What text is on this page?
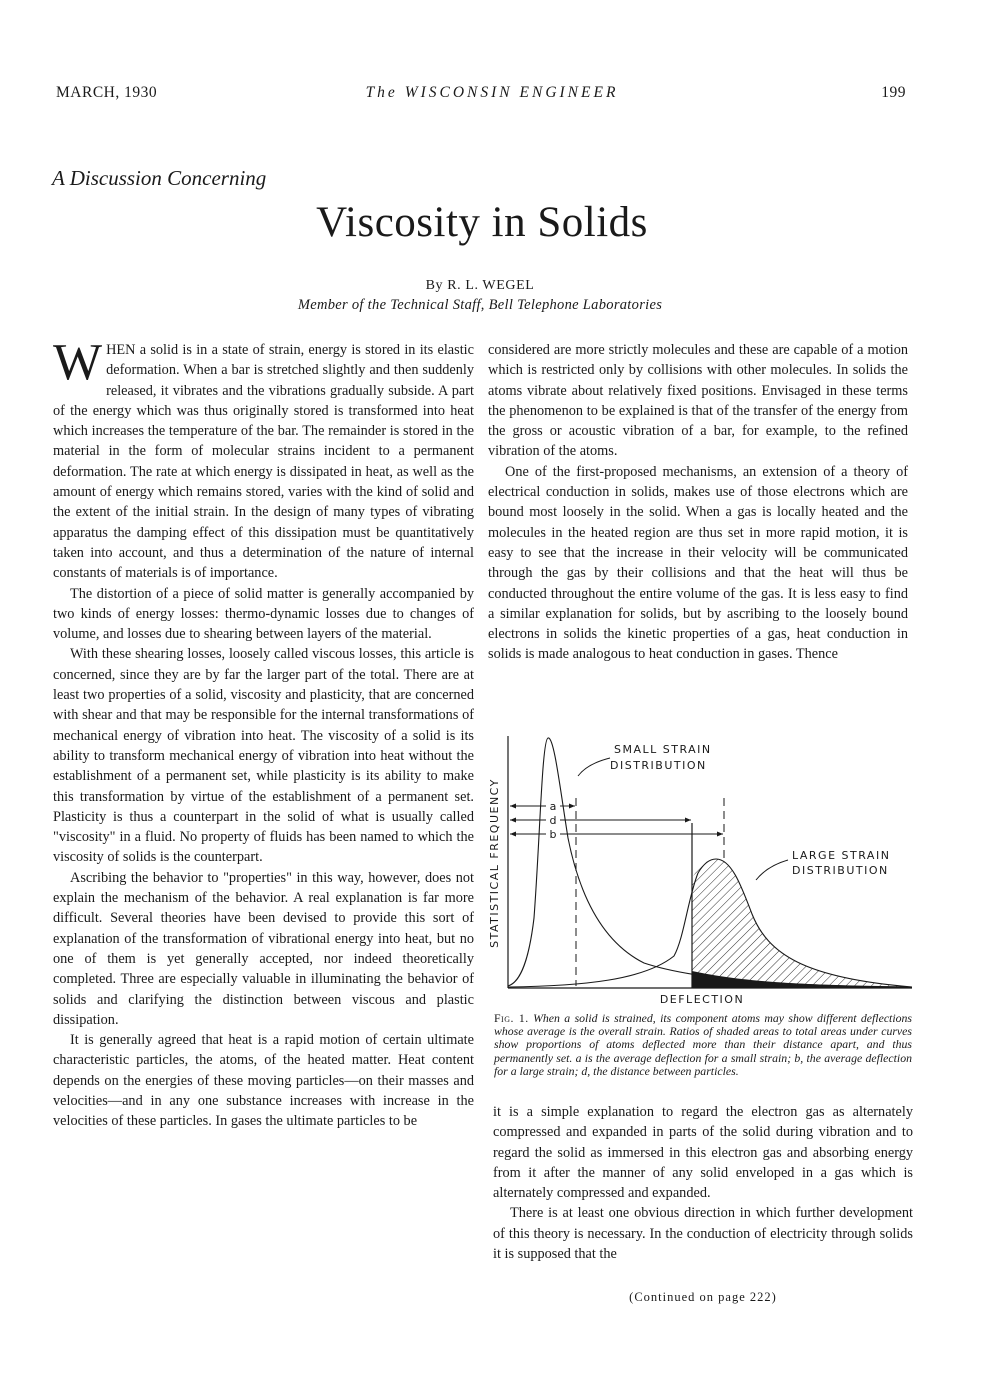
MARCH, 1930	The WISCONSIN ENGINEER	199
A Discussion Concerning
Viscosity in Solids
By R. L. WEGEL
Member of the Technical Staff, Bell Telephone Laboratories

WHEN a solid is in a state of strain, energy is stored in its elastic deformation. When a bar is stretched slightly and then suddenly released, it vibrates and the vibrations gradually subside. A part of the energy which was thus originally stored is transformed into heat which increases the temperature of the bar. The remainder is stored in the material in the form of molecular strains incident to a permanent deformation. The rate at which energy is dissipated in heat, as well as the amount of energy which remains stored, varies with the kind of solid and the extent of the initial strain. In the design of many types of vibrating apparatus the damping effect of this dissipation must be quantitatively taken into account, and thus a determination of the nature of internal constants of materials is of importance.

The distortion of a piece of solid matter is generally accompanied by two kinds of energy losses: thermo-dynamic losses due to changes of volume, and losses due to shearing between layers of the material.

With these shearing losses, loosely called viscous losses, this article is concerned, since they are by far the larger part of the total. There are at least two properties of a solid, viscosity and plasticity, that are concerned with shear and that may be responsible for the internal transformations of mechanical energy of vibration into heat. The viscosity of a solid is its ability to transform mechanical energy of vibration into heat without the establishment of a permanent set, while plasticity is its ability to make this transformation by virtue of the establishment of a permanent set. Plasticity is thus a counterpart in the solid of what is usually called "viscosity" in a fluid. No property of fluids has been named to which the viscosity of solids is the counterpart.

Ascribing the behavior to "properties" in this way, however, does not explain the mechanism of the behavior. A real explanation is far more difficult. Several theories have been devised to provide this sort of explanation of the transformation of vibrational energy into heat, but no one of them is yet generally accepted, nor indeed theoretically completed. Three are especially valuable in illuminating the behavior of solids and clarifying the distinction between viscous and plastic dissipation.

It is generally agreed that heat is a rapid motion of certain ultimate characteristic particles, the atoms, of the heated matter. Heat content depends on the energies of these moving particles—on their masses and velocities—and in any one substance increases with increase in the velocities of these particles. In gases the ultimate particles to be

considered are more strictly molecules and these are capable of a motion which is restricted only by collisions with other molecules. In solids the atoms vibrate about relatively fixed positions. Envisaged in these terms the phenomenon to be explained is that of the transfer of the energy from the gross or acoustic vibration of a bar, for example, to the refined vibration of the atoms.

One of the first-proposed mechanisms, an extension of a theory of electrical conduction in solids, makes use of those electrons which are bound most loosely in the solid. When a gas is locally heated and the molecules in the heated region are thus set in more rapid motion, it is easy to see that the increase in their velocity will be communicated through the gas by their collisions and that the heat will thus be conducted throughout the entire volume of the gas. It is less easy to find a similar explanation for solids, but by ascribing to the loosely bound electrons in solids the kinetic properties of a gas, heat conduction in solids is made analogous to heat conduction in gases. Thence

a
d
b
SMALL STRAIN
DISTRIBUTION
LARGE STRAIN
DISTRIBUTION
STATISTICAL FREQUENCY
DEFLECTION
Fig. 1. When a solid is strained, its component atoms may show different deflections whose average is the overall strain. Ratios of shaded areas to total areas under curves show proportions of atoms deflected more than their distance apart, and thus permanently set. a is the average deflection for a small strain; b, the average deflection for a large strain; d, the distance between particles.

it is a simple explanation to regard the electron gas as alternately compressed and expanded in parts of the solid during vibration and to regard the solid as immersed in this electron gas and absorbing energy from it after the manner of any solid enveloped in a gas which is alternately compressed and expanded.

There is at least one obvious direction in which further development of this theory is necessary. In the conduction of electricity through solids it is supposed that the

(Continued on page 222)
